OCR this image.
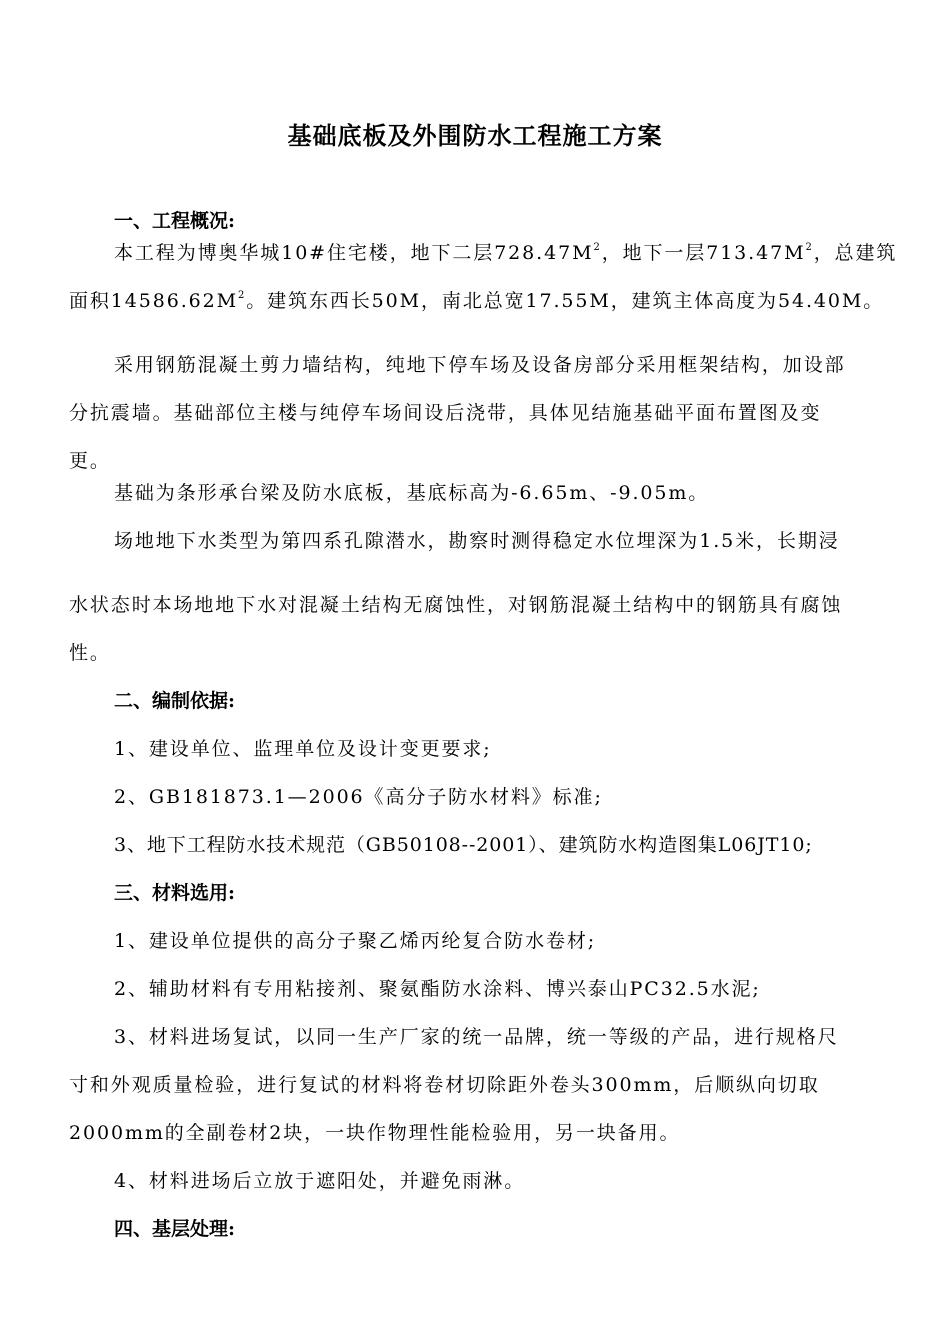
基础底板及外围防水工程施工方案
一、工程概况:
本工程为博奥华城10#住宅楼，地下二层$728.47M^2$，地下一层$713.47M^2$，总建筑
面积$14586.62M^2$。建筑东西长50M，南北总宽17.55M，建筑主体高度为54.40M。
采用钢筋混凝土剪力墙结构，纯地下停车场及设备房部分采用框架结构，加设部
分抗震墙。基础部位主楼与纯停车场间设后浇带，具体见结施基础平面布置图及变
更。
基础为条形承台梁及防水底板，基底标高为-6.65m、-9.05m。
场地地下水类型为第四系孔隙潜水，勘察时测得稳定水位埋深为1.5米，长期浸
水状态时本场地地下水对混凝土结构无腐蚀性，对钢筋混凝土结构中的钢筋具有腐蚀
性。
二、编制依据:
1、建设单位、监理单位及设计变更要求;
2、GB181873.1—2006《高分子防水材料》标准;
3、地下工程防水技术规范（GB50108--2001）、建筑防水构造图集L06JT10;
三、材料选用:
1、建设单位提供的高分子聚乙烯丙纶复合防水卷材;
2、辅助材料有专用粘接剂、聚氨酯防水涂料、博兴泰山PC32.5水泥;
3、材料进场复试，以同一生产厂家的统一品牌，统一等级的产品，进行规格尺
寸和外观质量检验，进行复试的材料将卷材切除距外卷头300mm，后顺纵向切取
2000mm的全副卷材2块，一块作物理性能检验用，另一块备用。
4、材料进场后立放于遮阳处，并避免雨淋。
四、基层处理:
